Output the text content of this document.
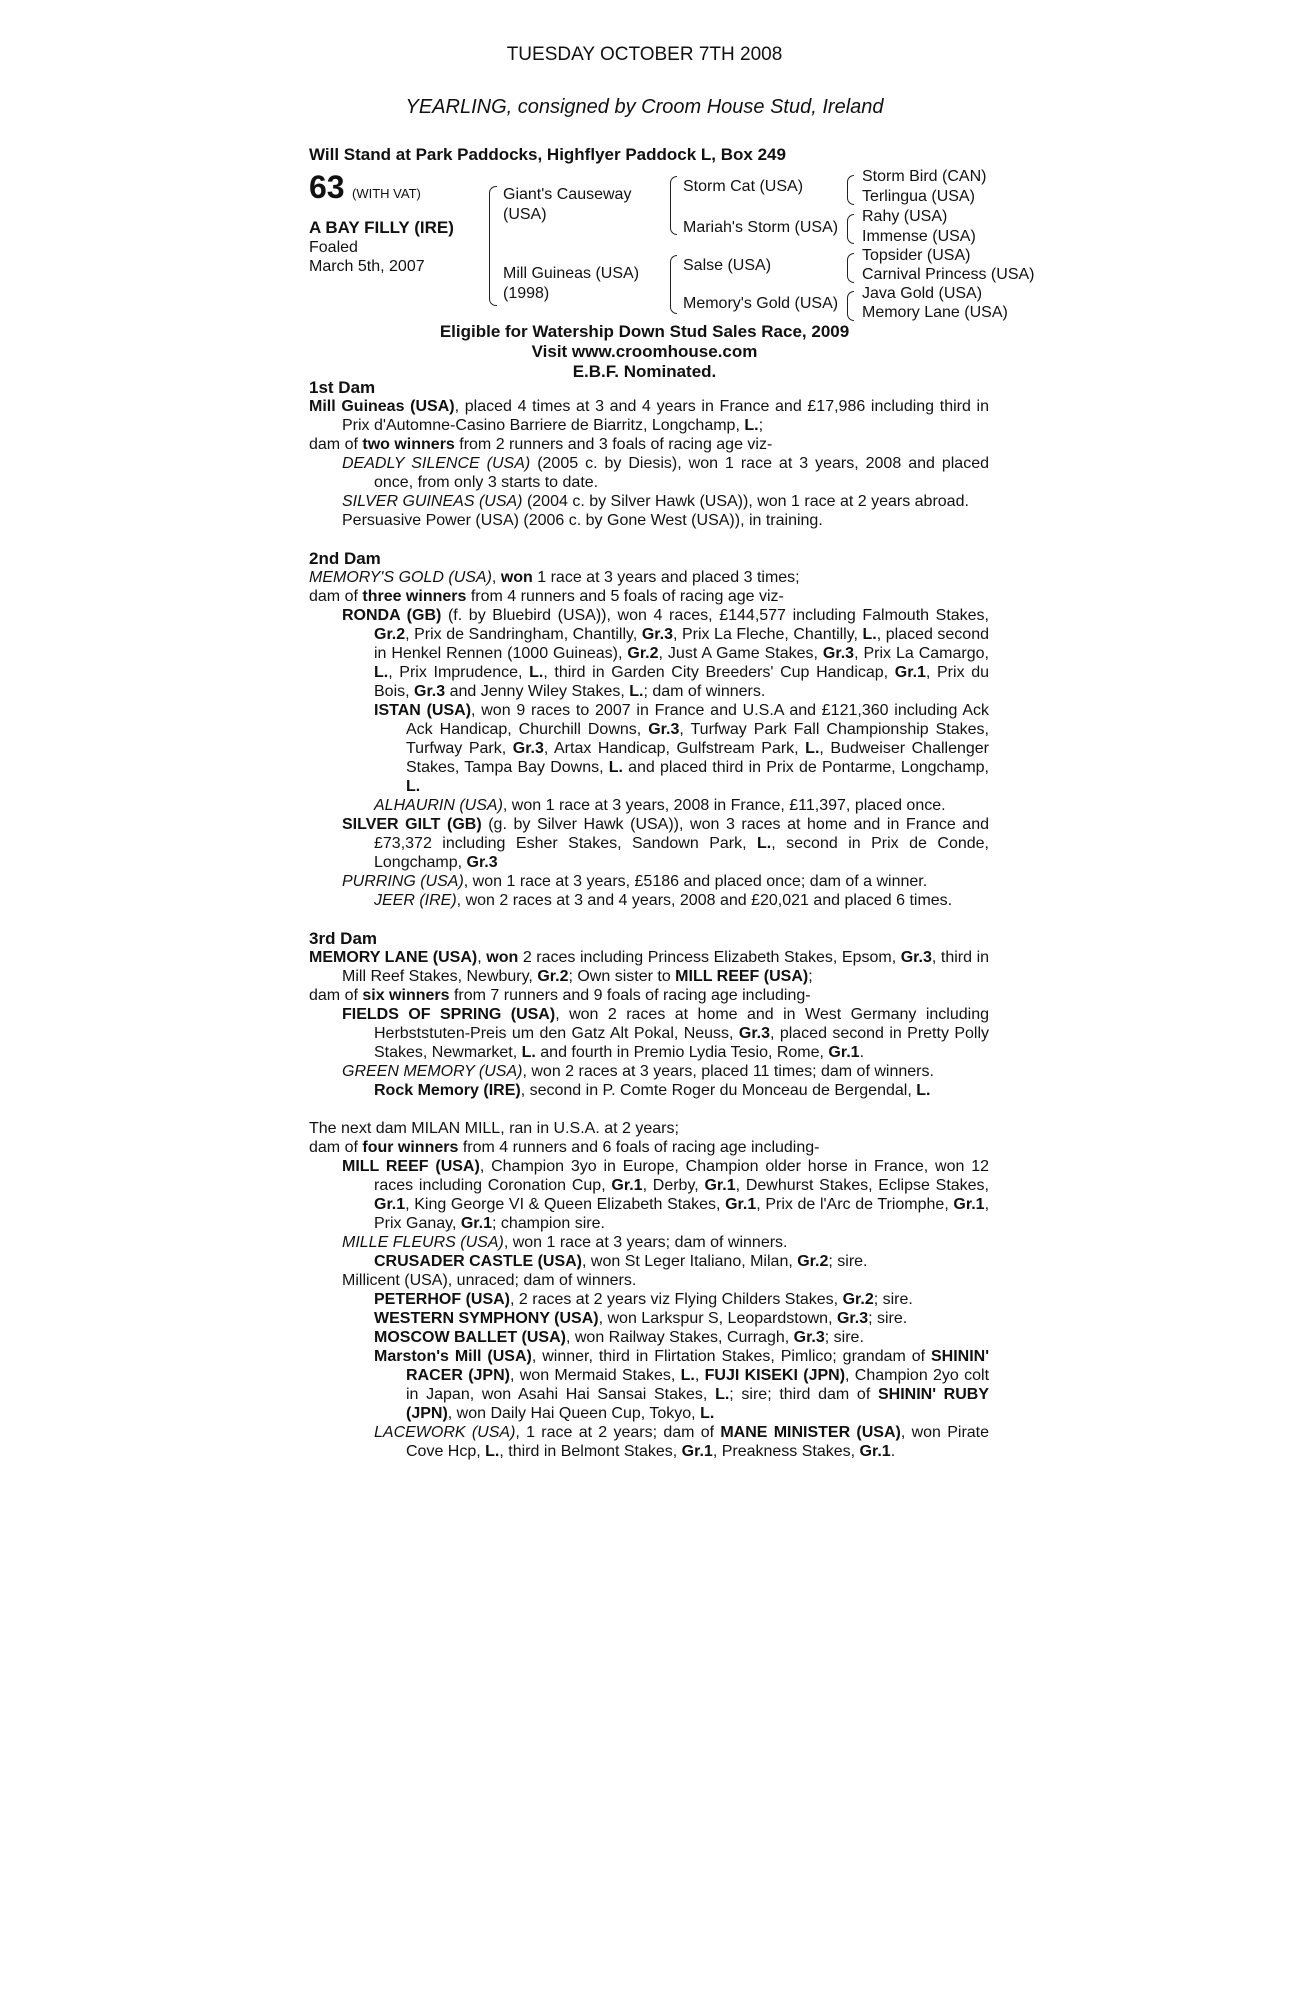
TUESDAY OCTOBER 7TH 2008
YEARLING, consigned by Croom House Stud, Ireland
Will Stand at Park Paddocks, Highflyer Paddock L, Box 249
63 (WITH VAT)
A BAY FILLY (IRE)
Foaled
March 5th, 2007
Giant's Causeway
(USA)
Mill Guineas (USA)
(1998)
Storm Cat (USA)
Mariah's Storm (USA)
Salse (USA)
Memory's Gold (USA)
Storm Bird (CAN)
Terlingua (USA)
Rahy (USA)
Immense (USA)
Topsider (USA)
Carnival Princess (USA)
Java Gold (USA)
Memory Lane (USA)
Eligible for Watership Down Stud Sales Race, 2009
Visit www.croomhouse.com
E.B.F. Nominated.
1st Dam
Mill Guineas (USA), placed 4 times at 3 and 4 years in France and £17,986 including third in Prix d'Automne-Casino Barriere de Biarritz, Longchamp, L.;
dam of two winners from 2 runners and 3 foals of racing age viz-
DEADLY SILENCE (USA) (2005 c. by Diesis), won 1 race at 3 years, 2008 and placed once, from only 3 starts to date.
SILVER GUINEAS (USA) (2004 c. by Silver Hawk (USA)), won 1 race at 2 years abroad.
Persuasive Power (USA) (2006 c. by Gone West (USA)), in training.
2nd Dam
MEMORY'S GOLD (USA), won 1 race at 3 years and placed 3 times;
dam of three winners from 4 runners and 5 foals of racing age viz-
RONDA (GB) (f. by Bluebird (USA)), won 4 races, £144,577 including Falmouth Stakes, Gr.2, Prix de Sandringham, Chantilly, Gr.3, Prix La Fleche, Chantilly, L., placed second in Henkel Rennen (1000 Guineas), Gr.2, Just A Game Stakes, Gr.3, Prix La Camargo, L., Prix Imprudence, L., third in Garden City Breeders' Cup Handicap, Gr.1, Prix du Bois, Gr.3 and Jenny Wiley Stakes, L.; dam of winners.
ISTAN (USA), won 9 races to 2007 in France and U.S.A and £121,360 including Ack Ack Handicap, Churchill Downs, Gr.3, Turfway Park Fall Championship Stakes, Turfway Park, Gr.3, Artax Handicap, Gulfstream Park, L., Budweiser Challenger Stakes, Tampa Bay Downs, L. and placed third in Prix de Pontarme, Longchamp, L.
ALHAURIN (USA), won 1 race at 3 years, 2008 in France, £11,397, placed once.
SILVER GILT (GB) (g. by Silver Hawk (USA)), won 3 races at home and in France and £73,372 including Esher Stakes, Sandown Park, L., second in Prix de Conde, Longchamp, Gr.3
PURRING (USA), won 1 race at 3 years, £5186 and placed once; dam of a winner.
JEER (IRE), won 2 races at 3 and 4 years, 2008 and £20,021 and placed 6 times.
3rd Dam
MEMORY LANE (USA), won 2 races including Princess Elizabeth Stakes, Epsom, Gr.3, third in Mill Reef Stakes, Newbury, Gr.2; Own sister to MILL REEF (USA);
dam of six winners from 7 runners and 9 foals of racing age including-
FIELDS OF SPRING (USA), won 2 races at home and in West Germany including Herbststuten-Preis um den Gatz Alt Pokal, Neuss, Gr.3, placed second in Pretty Polly Stakes, Newmarket, L. and fourth in Premio Lydia Tesio, Rome, Gr.1.
GREEN MEMORY (USA), won 2 races at 3 years, placed 11 times; dam of winners.
Rock Memory (IRE), second in P. Comte Roger du Monceau de Bergendal, L.
The next dam MILAN MILL, ran in U.S.A. at 2 years;
dam of four winners from 4 runners and 6 foals of racing age including-
MILL REEF (USA), Champion 3yo in Europe, Champion older horse in France, won 12 races including Coronation Cup, Gr.1, Derby, Gr.1, Dewhurst Stakes, Eclipse Stakes, Gr.1, King George VI & Queen Elizabeth Stakes, Gr.1, Prix de l'Arc de Triomphe, Gr.1, Prix Ganay, Gr.1; champion sire.
MILLE FLEURS (USA), won 1 race at 3 years; dam of winners.
CRUSADER CASTLE (USA), won St Leger Italiano, Milan, Gr.2; sire.
Millicent (USA), unraced; dam of winners.
PETERHOF (USA), 2 races at 2 years viz Flying Childers Stakes, Gr.2; sire.
WESTERN SYMPHONY (USA), won Larkspur S, Leopardstown, Gr.3; sire.
MOSCOW BALLET (USA), won Railway Stakes, Curragh, Gr.3; sire.
Marston's Mill (USA), winner, third in Flirtation Stakes, Pimlico; grandam of SHININ' RACER (JPN), won Mermaid Stakes, L., FUJI KISEKI (JPN), Champion 2yo colt in Japan, won Asahi Hai Sansai Stakes, L.; sire; third dam of SHININ' RUBY (JPN), won Daily Hai Queen Cup, Tokyo, L.
LACEWORK (USA), 1 race at 2 years; dam of MANE MINISTER (USA), won Pirate Cove Hcp, L., third in Belmont Stakes, Gr.1, Preakness Stakes, Gr.1.
